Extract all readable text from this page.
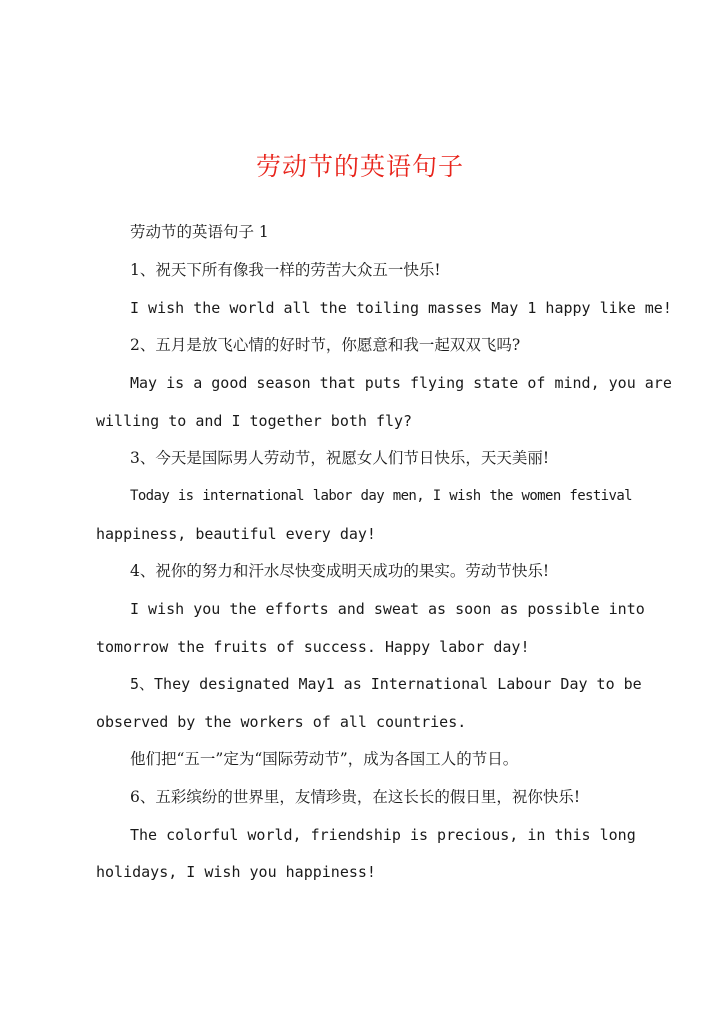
劳动节的英语句子
劳动节的英语句子 1
1、祝天下所有像我一样的劳苦大众五一快乐!
I wish the world all the toiling masses May 1 happy like me!
2、五月是放飞心情的好时节，你愿意和我一起双双飞吗?
May is a good season that puts flying state of mind, you are
willing to and I together both fly?
3、今天是国际男人劳动节，祝愿女人们节日快乐，天天美丽!
Today is international labor day men, I wish the women festival
happiness, beautiful every day!
4、祝你的努力和汗水尽快变成明天成功的果实。劳动节快乐!
I wish you the efforts and sweat as soon as possible into
tomorrow the fruits of success. Happy labor day!
5、They designated May1 as International Labour Day to be
observed by the workers of all countries.
他们把“五一”定为“国际劳动节”，成为各国工人的节日。
6、五彩缤纷的世界里，友情珍贵，在这长长的假日里，祝你快乐!
The colorful world, friendship is precious, in this long
holidays, I wish you happiness!
